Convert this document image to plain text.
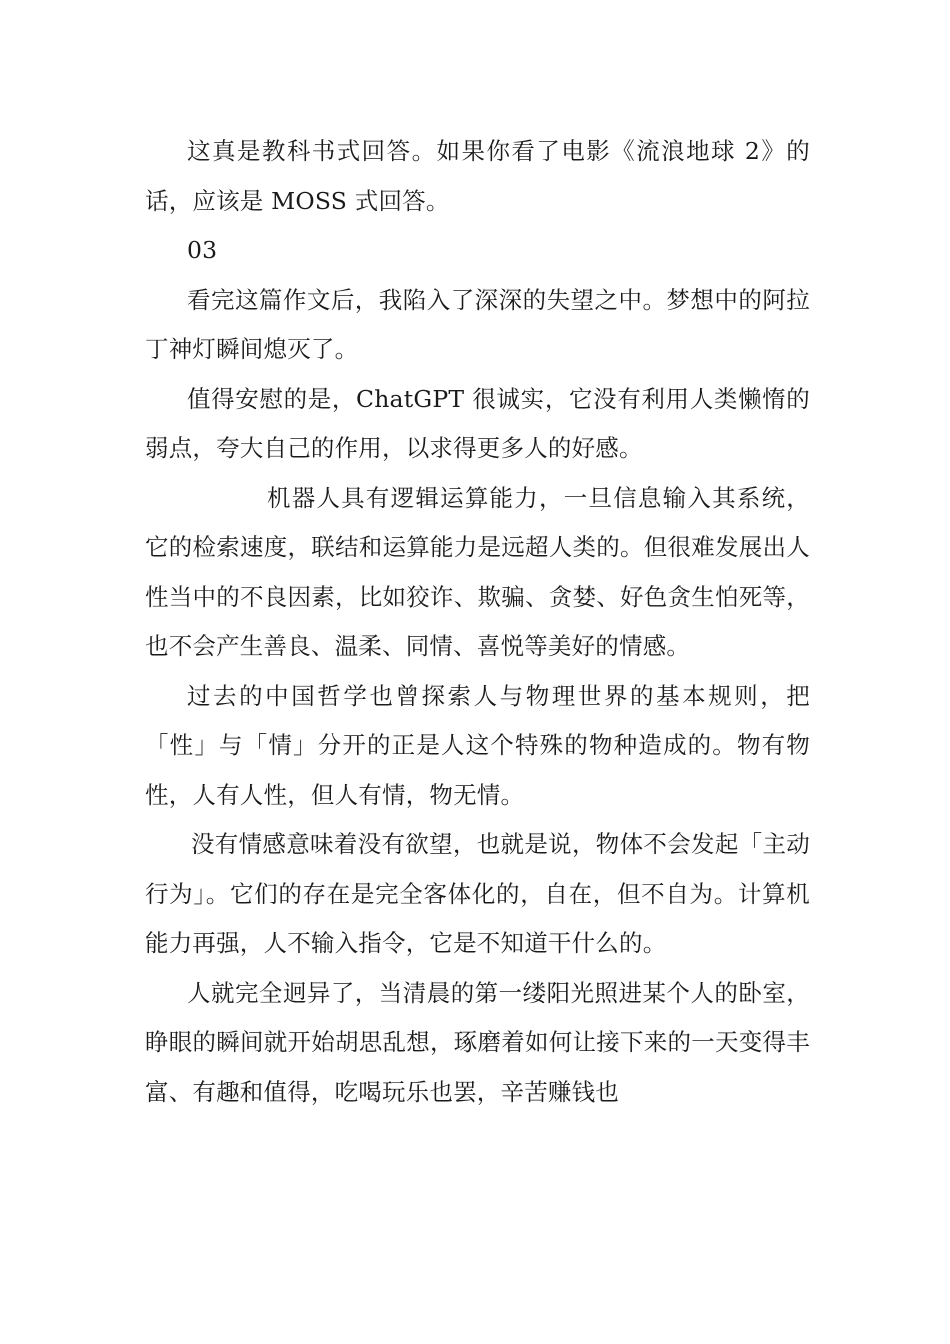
这真是教科书式回答。如果你看了电影《流浪地球 2》的话，应该是 MOSS 式回答。

03

看完这篇作文后，我陷入了深深的失望之中。梦想中的阿拉丁神灯瞬间熄灭了。

值得安慰的是，ChatGPT 很诚实，它没有利用人类懒惰的弱点，夸大自己的作用，以求得更多人的好感。

机器人具有逻辑运算能力，一旦信息输入其系统，它的检索速度，联结和运算能力是远超人类的。但很难发展出人性当中的不良因素，比如狡诈、欺骗、贪婪、好色贪生怕死等，也不会产生善良、温柔、同情、喜悦等美好的情感。

过去的中国哲学也曾探索人与物理世界的基本规则，把「性」与「情」分开的正是人这个特殊的物种造成的。物有物性，人有人性，但人有情，物无情。

没有情感意味着没有欲望，也就是说，物体不会发起「主动行为」。它们的存在是完全客体化的，自在，但不自为。计算机能力再强，人不输入指令，它是不知道干什么的。

人就完全迥异了，当清晨的第一缕阳光照进某个人的卧室，睁眼的瞬间就开始胡思乱想，琢磨着如何让接下来的一天变得丰富、有趣和值得，吃喝玩乐也罢，辛苦赚钱也
